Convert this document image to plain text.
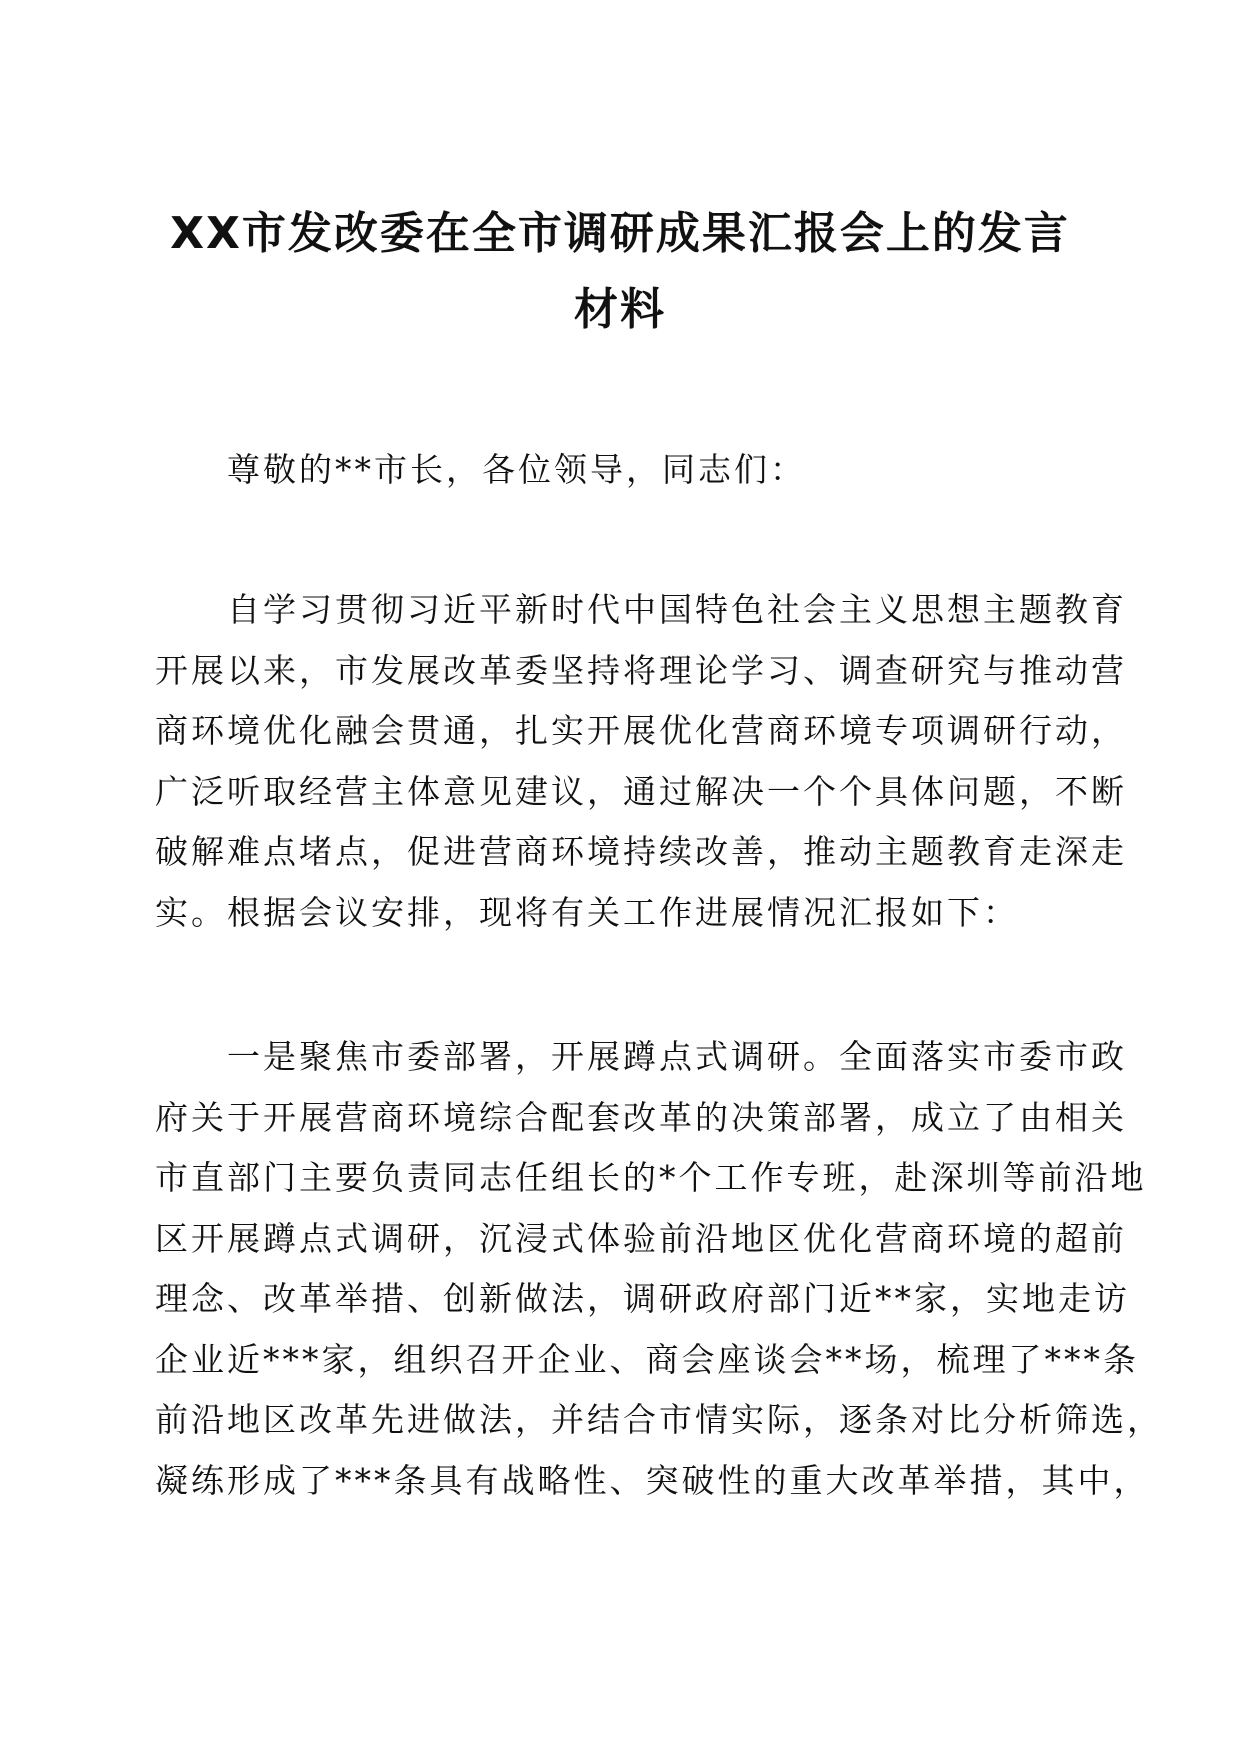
XX市发改委在全市调研成果汇报会上的发言
材料

尊敬的**市长，各位领导，同志们：

自学习贯彻习近平新时代中国特色社会主义思想主题教育
开展以来，市发展改革委坚持将理论学习、调查研究与推动营
商环境优化融会贯通，扎实开展优化营商环境专项调研行动，
广泛听取经营主体意见建议，通过解决一个个具体问题，不断
破解难点堵点，促进营商环境持续改善，推动主题教育走深走
实。根据会议安排，现将有关工作进展情况汇报如下：

一是聚焦市委部署，开展蹲点式调研。全面落实市委市政
府关于开展营商环境综合配套改革的决策部署，成立了由相关
市直部门主要负责同志任组长的*个工作专班，赴深圳等前沿地
区开展蹲点式调研，沉浸式体验前沿地区优化营商环境的超前
理念、改革举措、创新做法，调研政府部门近**家，实地走访
企业近***家，组织召开企业、商会座谈会**场，梳理了***条
前沿地区改革先进做法，并结合市情实际，逐条对比分析筛选，
凝练形成了***条具有战略性、突破性的重大改革举措，其中，
